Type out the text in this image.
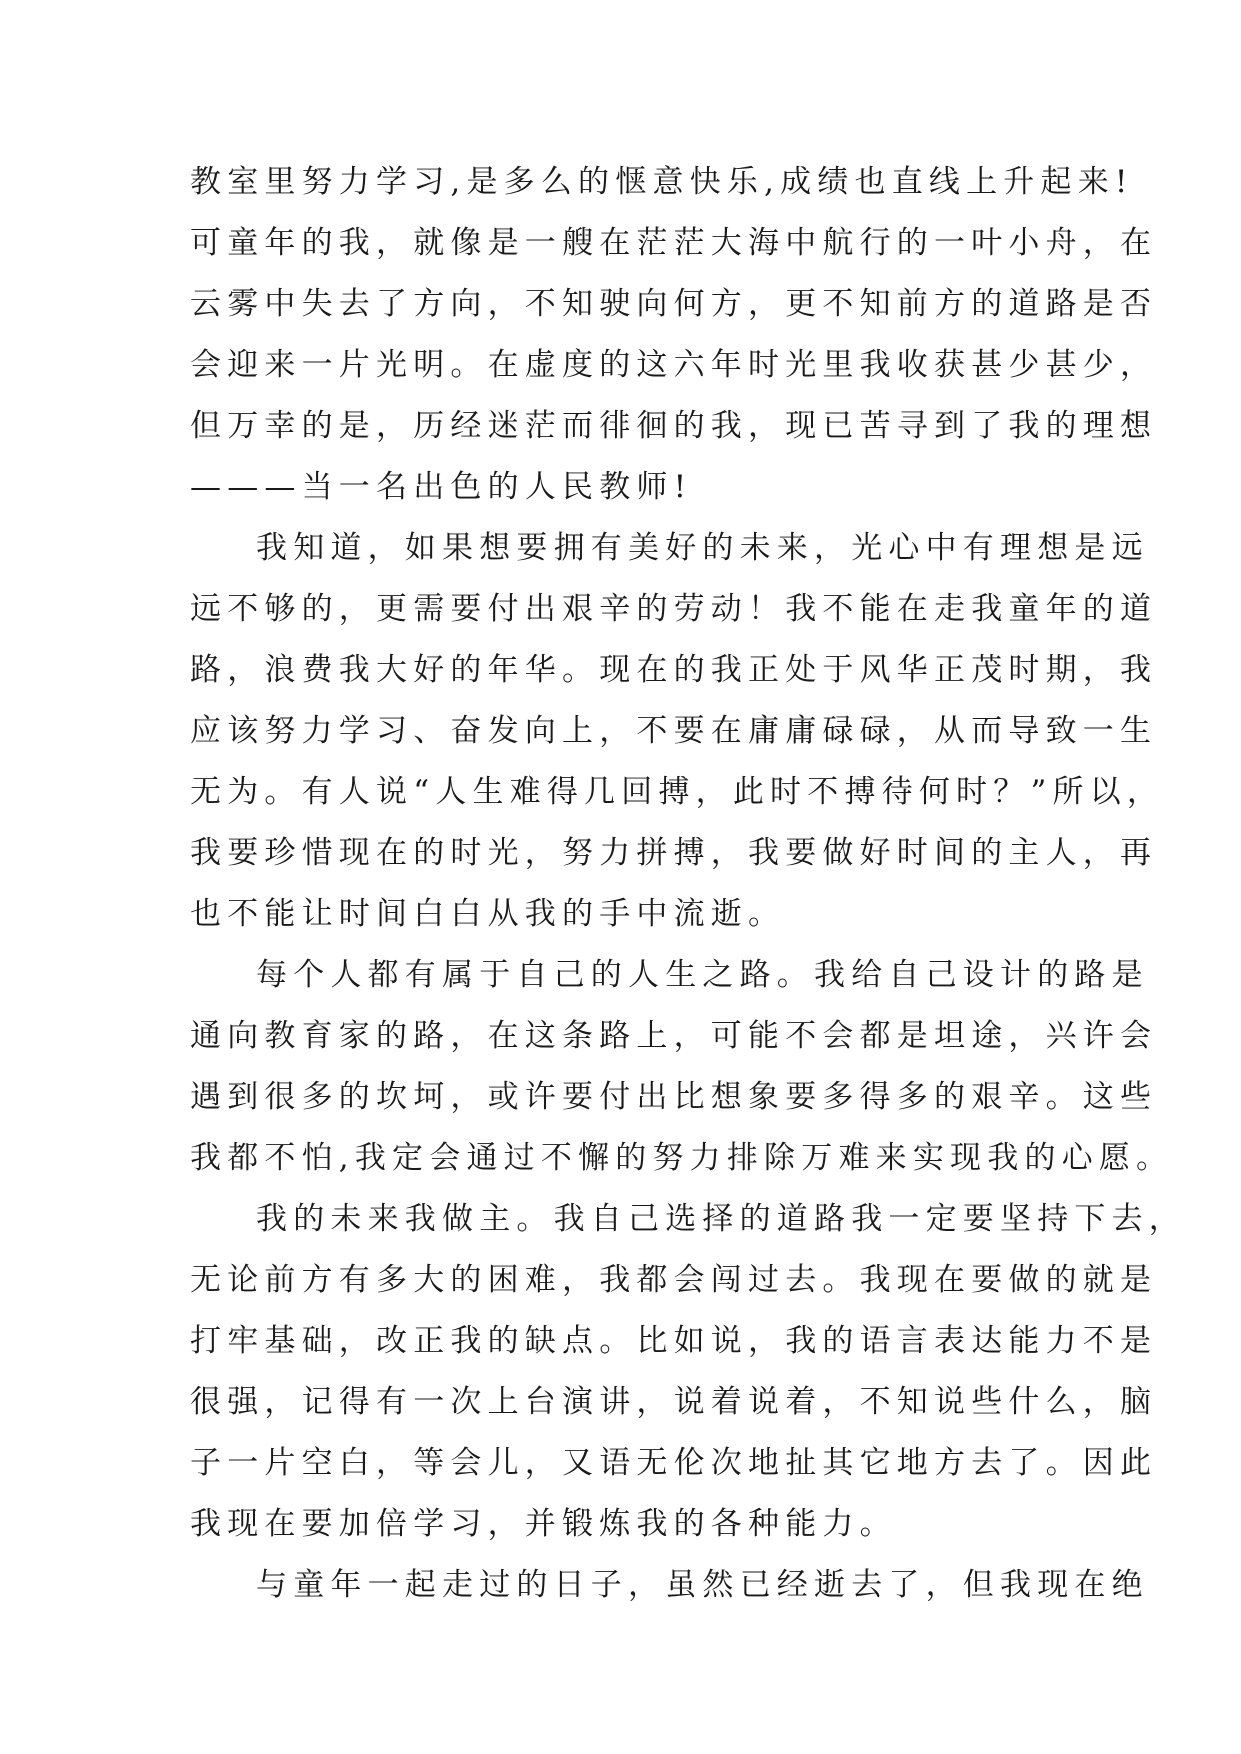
教室里努力学习,是多么的惬意快乐,成绩也直线上升起来!
可童年的我，就像是一艘在茫茫大海中航行的一叶小舟，在
云雾中失去了方向，不知驶向何方，更不知前方的道路是否
会迎来一片光明。在虚度的这六年时光里我收获甚少甚少，
但万幸的是，历经迷茫而徘徊的我，现已苦寻到了我的理想
———当一名出色的人民教师!
我知道，如果想要拥有美好的未来，光心中有理想是远
远不够的，更需要付出艰辛的劳动！我不能在走我童年的道
路，浪费我大好的年华。现在的我正处于风华正茂时期，我
应该努力学习、奋发向上，不要在庸庸碌碌，从而导致一生
无为。有人说“人生难得几回搏，此时不搏待何时？”所以，
我要珍惜现在的时光，努力拼搏，我要做好时间的主人，再
也不能让时间白白从我的手中流逝。
每个人都有属于自己的人生之路。我给自己设计的路是
通向教育家的路，在这条路上，可能不会都是坦途，兴许会
遇到很多的坎坷，或许要付出比想象要多得多的艰辛。这些
我都不怕,我定会通过不懈的努力排除万难来实现我的心愿。
我的未来我做主。我自己选择的道路我一定要坚持下去，
无论前方有多大的困难，我都会闯过去。我现在要做的就是
打牢基础，改正我的缺点。比如说，我的语言表达能力不是
很强，记得有一次上台演讲，说着说着，不知说些什么，脑
子一片空白，等会儿，又语无伦次地扯其它地方去了。因此
我现在要加倍学习，并锻炼我的各种能力。
与童年一起走过的日子，虽然已经逝去了，但我现在绝
